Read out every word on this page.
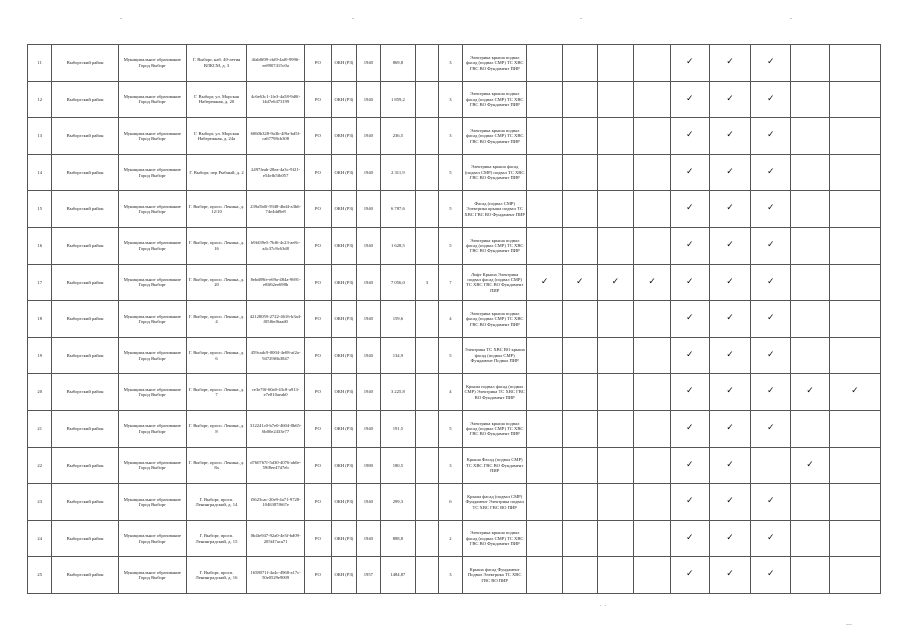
.	.	.	.
11	Выборгский район	Муниципальное образование Город Выборг	Г. Выборг, наб. 40-летия ВЛКСМ, д. 3	4fab8f09-cbf0-4af0-9996-ee8907415c0a	РО	ОКН (РЗ)	1940	869,8		3	Электрика крыша подвал фасад (подвал СМР) ТС ХВС ГВС ВО Фундамент ПИР					✓	✓	✓		
12	Выборгский район	Муниципальное образование Город Выборг	Г. Выборг, ул. Морская Набережная, д. 20	4c6e63c1-1fe3-4a58-9d0f-14d7e6473199	РО	ОКН (РЗ)	1940	1 859,2		3	Электрика крыша подвал фасад (подвал СМР) ТС ХВС ГВС ВО Фундамент ПИР					✓	✓	✓		
13	Выборгский район	Муниципальное образование Город Выборг	Г. Выборг, ул. Морская Набережная, д. 24а	6060b328-9a3b-4f9a-bd5f-ca67798cb308	РО	ОКН (РЗ)	1940	236,5		3	Электрика крыша подвал фасад (подвал СМР) ТС ХВС ГВС ВО Фундамент ПИР					✓	✓	✓		
14	Выборгский район	Муниципальное образование Город Выборг	Г. Выборг, пер Рыбный, д. 2	2497feab-28ea-4a3c-9f21-e54efb5fb057	РО	ОКН (РЗ)	1940	2 311,9		5	Электрика крыша фасад (подвал СМР) подвал ТС ХВС ГВС ВО Фундамент ПИР					✓	✓	✓		
15	Выборгский район	Муниципальное образование Город Выборг	Г. Выборг, просп. Ленина, д. 12/10	239a5b0f-5948-4bd4-a3b6-74e4dd9e8	РО	ОКН (РЗ)	1940	6 787,6		5	Фасад (подвал СМР) Электрика крыша подвал ТС ХВС ГВС ВО Фундамент ПИР					✓	✓	✓		
16	Выборгский район	Муниципальное образование Город Выборг	Г. Выборг, просп. Ленина, д. 16	b9fd39e5-7bf6-4c23-ae8c-a4c37c8c63d8	РО	ОКН (РЗ)	1940	1 628,5		5	Электрика крыша подвал фасад (подвал СМР) ТС ХВС ГВС ВО Фундамент ПИР					✓	✓	✓		
17	Выборгский район	Муниципальное образование Город Выборг	Г. Выборг, просп. Ленина, д. 20	8ebd89fe-e69a-484a-9691-e8ff62ee698b	РО	ОКН (РЗ)	1940	7 056,0	3	7	Лифт Крыша Электрика подвал фасад (подвал СМР) ТС ХВС ГВС ВО Фундамент ПИР	✓	✓	✓	✓	✓	✓	✓		
18	Выборгский район	Муниципальное образование Город Выборг	Г. Выборг, просп. Ленина, д. 4	42128059-2722-4616-b3a4-f05f6ef6aad0	РО	ОКН (РЗ)	1940	159,6		4	Электрика крыша подвал фасад (подвал СМР) ТС ХВС ГВС ВО Фундамент ПИР					✓	✓	✓		
19	Выборгский район	Муниципальное образование Город Выборг	Г. Выборг, просп. Ленина, д. 6	459cadc9-0004-4e08-af2a-94729f6b3847	РО	ОКН (РЗ)	1940	134,9		5	Электрика ТС ХВС ВО крыша фасад (подвал СМР) Фундамент Подвал ПИР					✓	✓	✓		
20	Выборгский район	Муниципальное образование Город Выборг	Г. Выборг, просп. Ленина, д. 7	ce3e70f-60a0-43c8-a913-e7e810aeab0	РО	ОКН (РЗ)	1940	3 225,8		4	Крыша подвал фасад (подвал СМР) Электрика ТС ХВС ГВС ВО Фундамент ПИР					✓	✓	✓	✓	✓
21	Выборгский район	Муниципальное образование Город Выборг	Г. Выборг, просп. Ленина, д. 8	312241c0-b7e0-4604-8b65-6b00e2433e77	РО	ОКН (РЗ)	1940	191,5		5	Электрика крыша подвал фасад (подвал СМР) ТС ХВС ГВС ВО Фундамент ПИР					✓	✓	✓		
22	Выборгский район	Муниципальное образование Город Выборг	Г. Выборг, просп. Ленина, д. 8а	d760767f-5d30-4076-ab0e-59f8ee47d7eb	РО	ОКН (РЗ)	1980	180,5		3	Крыша Фасад (подвал СМР) ТС ХВС ГВС ВО Фундамент ПИР					✓	✓		✓	
23	Выборгский район	Муниципальное образование Город Выборг	Г. Выборг, просп. Ленинградский, д. 14	f5623cac-20e9-4a71-9728-1046387f667e	РО	ОКН (РЗ)	1940	299,3		6	Крыша фасад (подвал СМР) Фундамент Электрика подвал ТС ХВС ГВС ВО ПИР					✓	✓	✓		
24	Выборгский район	Муниципальное образование Город Выборг	Г. Выборг, просп. Ленинградский, д. 15	0b4fe947-92a0-4e3f-bd09-205f47aca71	РО	ОКН (РЗ)	1940	888,8		2	Электрика крыша подвал фасад (подвал СМР) ТС ХВС ГВС ВО Фундамент ПИР					✓	✓	✓		
25	Выборгский район	Муниципальное образование Город Выборг	Г. Выборг, просп. Ленинградский, д. 16	1658071f-4a4c-4968-a17c-50e0529e9009	РО	ОКН (РЗ)	1957	1484,87		3	Крыша фасад Фундамент Подвал Электрика ТС ХВС ГВС ВО ПИР					✓	✓	✓		
.  .
__
